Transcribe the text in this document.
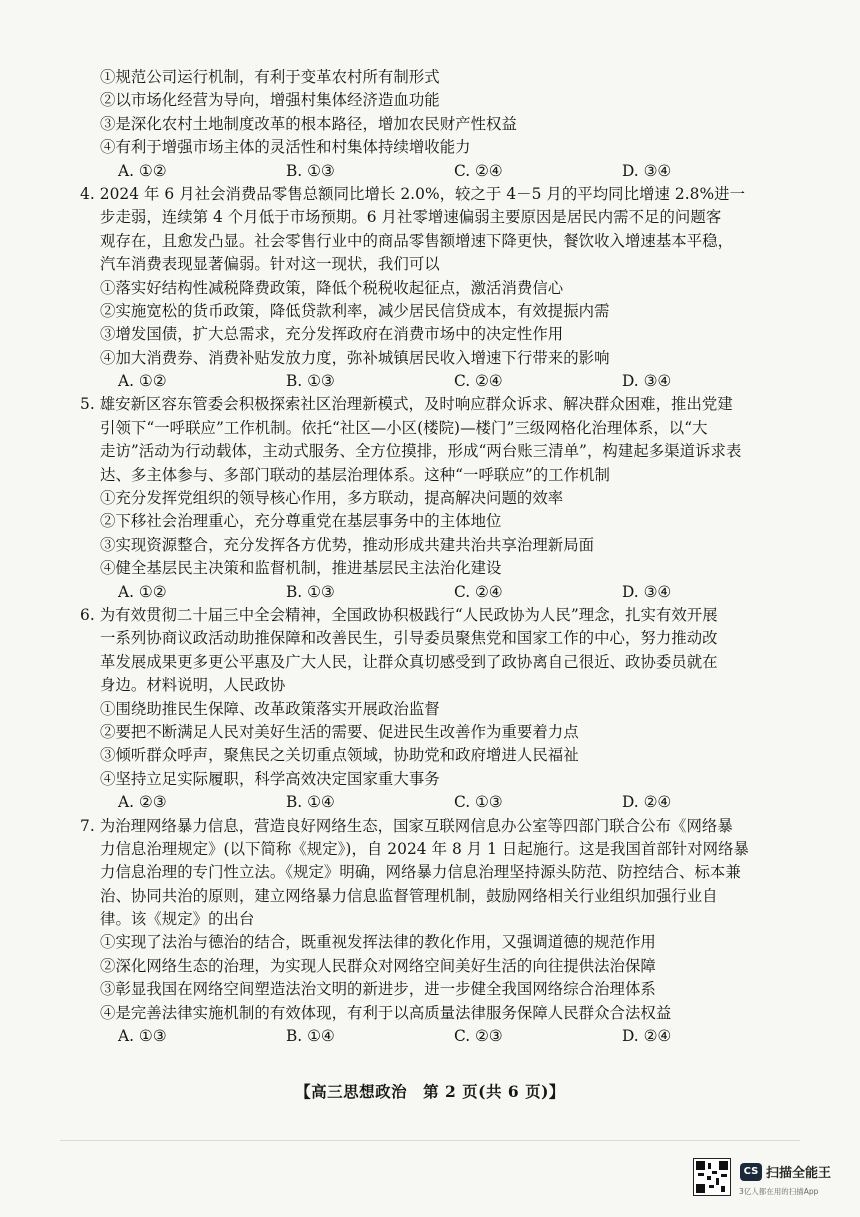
①规范公司运行机制，有利于变革农村所有制形式
②以市场化经营为导向，增强村集体经济造血功能
③是深化农村土地制度改革的根本路径，增加农民财产性权益
④有利于增强市场主体的灵活性和村集体持续增收能力
A. ①②	B. ①③	C. ②④	D. ③④
4. 2024 年 6 月社会消费品零售总额同比增长 2.0%，较之于 4－5 月的平均同比增速 2.8%进一
步走弱，连续第 4 个月低于市场预期。6 月社零增速偏弱主要原因是居民内需不足的问题客
观存在，且愈发凸显。社会零售行业中的商品零售额增速下降更快，餐饮收入增速基本平稳，
汽车消费表现显著偏弱。针对这一现状，我们可以
①落实好结构性减税降费政策，降低个税税收起征点，激活消费信心
②实施宽松的货币政策，降低贷款利率，减少居民信贷成本，有效提振内需
③增发国债，扩大总需求，充分发挥政府在消费市场中的决定性作用
④加大消费券、消费补贴发放力度，弥补城镇居民收入增速下行带来的影响
A. ①②	B. ①③	C. ②④	D. ③④
5. 雄安新区容东管委会积极探索社区治理新模式，及时响应群众诉求、解决群众困难，推出党建
引领下“一呼联应”工作机制。依托“社区—小区(楼院)—楼门”三级网格化治理体系，以“大
走访”活动为行动载体，主动式服务、全方位摸排，形成“两台账三清单”，构建起多渠道诉求表
达、多主体参与、多部门联动的基层治理体系。这种“一呼联应”的工作机制
①充分发挥党组织的领导核心作用，多方联动，提高解决问题的效率
②下移社会治理重心，充分尊重党在基层事务中的主体地位
③实现资源整合，充分发挥各方优势，推动形成共建共治共享治理新局面
④健全基层民主决策和监督机制，推进基层民主法治化建设
A. ①②	B. ①③	C. ②④	D. ③④
6. 为有效贯彻二十届三中全会精神，全国政协积极践行“人民政协为人民”理念，扎实有效开展
一系列协商议政活动助推保障和改善民生，引导委员聚焦党和国家工作的中心，努力推动改
革发展成果更多更公平惠及广大人民，让群众真切感受到了政协离自己很近、政协委员就在
身边。材料说明，人民政协
①围绕助推民生保障、改革政策落实开展政治监督
②要把不断满足人民对美好生活的需要、促进民生改善作为重要着力点
③倾听群众呼声，聚焦民之关切重点领域，协助党和政府增进人民福祉
④坚持立足实际履职，科学高效决定国家重大事务
A. ②③	B. ①④	C. ①③	D. ②④
7. 为治理网络暴力信息，营造良好网络生态，国家互联网信息办公室等四部门联合公布《网络暴
力信息治理规定》(以下简称《规定》)，自 2024 年 8 月 1 日起施行。这是我国首部针对网络暴
力信息治理的专门性立法。《规定》明确，网络暴力信息治理坚持源头防范、防控结合、标本兼
治、协同共治的原则，建立网络暴力信息监督管理机制，鼓励网络相关行业组织加强行业自
律。该《规定》的出台
①实现了法治与德治的结合，既重视发挥法律的教化作用，又强调道德的规范作用
②深化网络生态的治理，为实现人民群众对网络空间美好生活的向往提供法治保障
③彰显我国在网络空间塑造法治文明的新进步，进一步健全我国网络综合治理体系
④是完善法律实施机制的有效体现，有利于以高质量法律服务保障人民群众合法权益
A. ①③	B. ①④	C. ②③	D. ②④
【高三思想政治　第 2 页(共 6 页)】
CS 扫描全能王
3亿人都在用的扫描App
